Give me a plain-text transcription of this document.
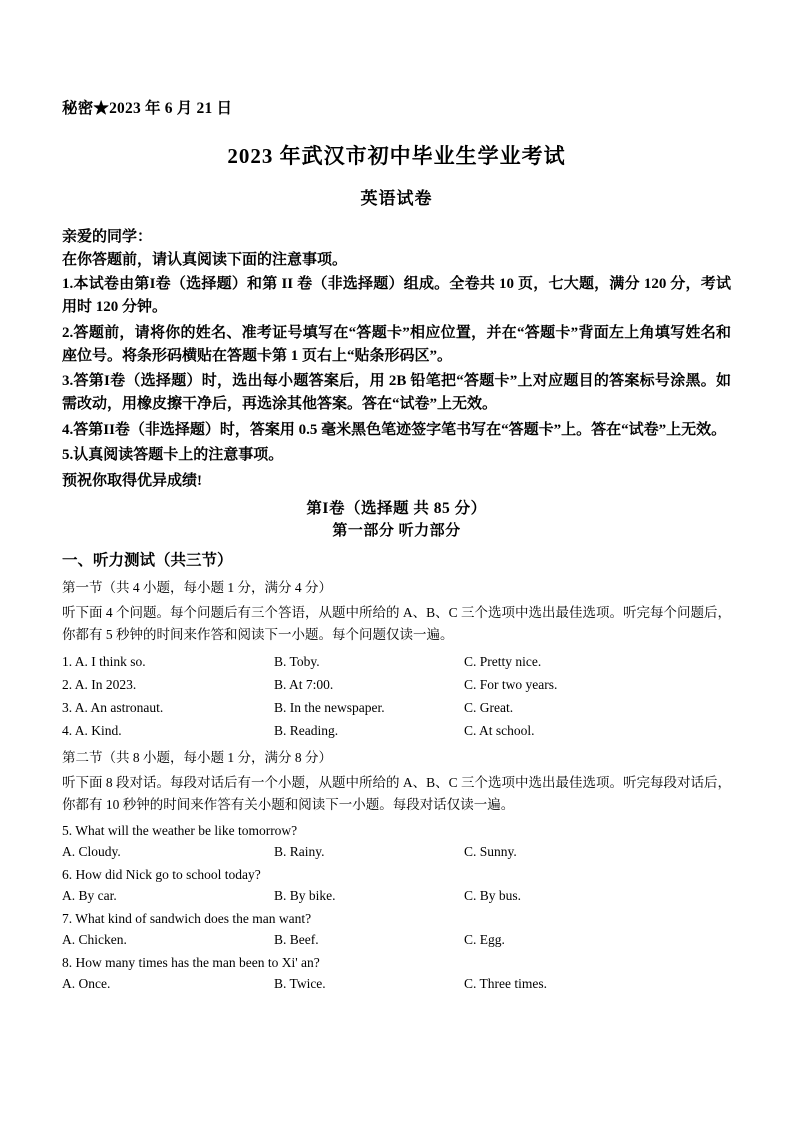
秘密★2023 年 6 月 21 日
2023 年武汉市初中毕业生学业考试
英语试卷
亲爱的同学：
在你答题前，请认真阅读下面的注意事项。
1.本试卷由第I卷（选择题）和第 II 卷（非选择题）组成。全卷共 10 页，七大题，满分 120 分，考试用时 120 分钟。
2.答题前，请将你的姓名、准考证号填写在“答题卡”相应位置，并在“答题卡”背面左上角填写姓名和座位号。将条形码横贴在答题卡第 1 页右上“贴条形码区”。
3.答第I卷（选择题）时，选出每小题答案后，用 2B 铅笔把“答题卡”上对应题目的答案标号涂黑。如需改动，用橡皮擦干净后，再选涂其他答案。答在“试卷”上无效。
4.答第II卷（非选择题）时，答案用 0.5 毫米黑色笔迹签字笔书写在“答题卡”上。答在“试卷”上无效。
5.认真阅读答题卡上的注意事项。
预祝你取得优异成绩!
第I卷（选择题 共 85 分）
第一部分 听力部分
一、听力测试（共三节）
第一节（共 4 小题，每小题 1 分，满分 4 分）
听下面 4 个问题。每个问题后有三个答语，从题中所给的 A、B、C 三个选项中选出最佳选项。听完每个问题后，你都有 5 秒钟的时间来作答和阅读下一小题。每个问题仅读一遍。
1. A. I think so.	B. Toby.	C. Pretty nice.
2. A. In 2023.	B. At 7:00.	C. For two years.
3. A. An astronaut.	B. In the newspaper.	C. Great.
4. A. Kind.	B. Reading.	C. At school.
第二节（共 8 小题，每小题 1 分，满分 8 分）
听下面 8 段对话。每段对话后有一个小题，从题中所给的 A、B、C 三个选项中选出最佳选项。听完每段对话后，你都有 10 秒钟的时间来作答有关小题和阅读下一小题。每段对话仅读一遍。
5. What will the weather be like tomorrow?
A. Cloudy.	B. Rainy.	C. Sunny.
6. How did Nick go to school today?
A. By car.	B. By bike.	C. By bus.
7. What kind of sandwich does the man want?
A. Chicken.	B. Beef.	C. Egg.
8. How many times has the man been to Xi' an?
A. Once.	B. Twice.	C. Three times.
